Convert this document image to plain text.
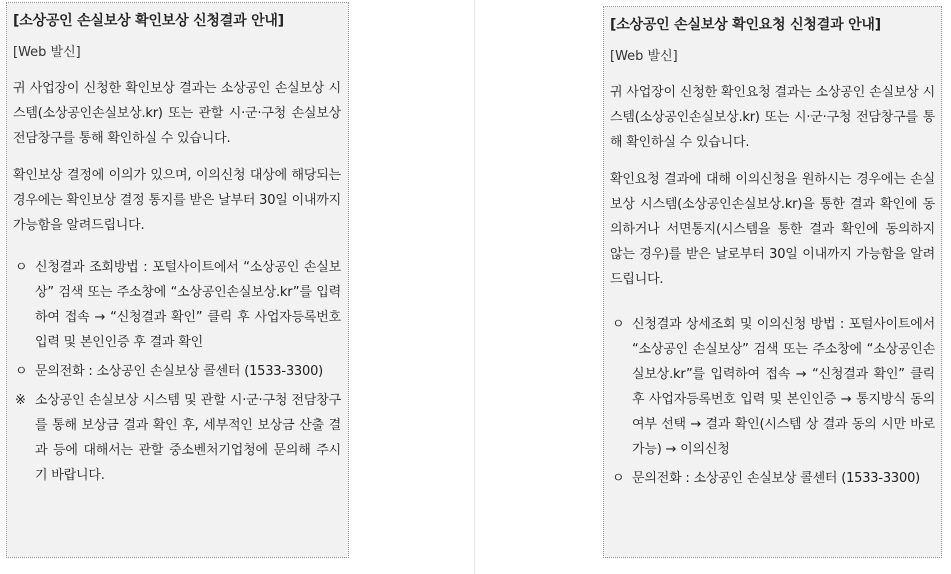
[소상공인 손실보상 확인보상 신청결과 안내]
[Web 발신]
귀 사업장이 신청한 확인보상 결과는 소상공인 손실보상 시스템(소상공인손실보상.kr) 또는 관할 시·군·구청 손실보상 전담창구를 통해 확인하실 수 있습니다.
확인보상 결정에 이의가 있으며, 이의신청 대상에 해당되는 경우에는 확인보상 결정 통지를 받은 날부터 30일 이내까지 가능함을 알려드립니다.
ㅇ 신청결과 조회방법 : 포털사이트에서 “소상공인 손실보상” 검색 또는 주소창에 “소상공인손실보상.kr”를 입력하여 접속 → “신청결과 확인” 클릭 후 사업자등록번호 입력 및 본인인증 후 결과 확인
ㅇ 문의전화 : 소상공인 손실보상 콜센터 (1533-3300)
※ 소상공인 손실보상 시스템 및 관할 시·군·구청 전담창구를 통해 보상금 결과 확인 후, 세부적인 보상금 산출 결과 등에 대해서는 관할 중소벤처기업청에 문의해 주시기 바랍니다.
[소상공인 손실보상 확인요청 신청결과 안내]
[Web 발신]
귀 사업장이 신청한 확인요청 결과는 소상공인 손실보상 시스템(소상공인손실보상.kr) 또는 시·군·구청 전담창구를 통해 확인하실 수 있습니다.
확인요청 결과에 대해 이의신청을 원하시는 경우에는 손실보상 시스템(소상공인손실보상.kr)을 통한 결과 확인에 동의하거나 서면통지(시스템을 통한 결과 확인에 동의하지 않는 경우)를 받은 날로부터 30일 이내까지 가능함을 알려드립니다.
ㅇ 신청결과 상세조회 및 이의신청 방법 : 포털사이트에서 “소상공인 손실보상” 검색 또는 주소창에 “소상공인손실보상.kr”를 입력하여 접속 → “신청결과 확인” 클릭 후 사업자등록번호 입력 및 본인인증 → 통지방식 동의 여부 선택 → 결과 확인(시스템 상 결과 동의 시만 바로 가능) → 이의신청
ㅇ 문의전화 : 소상공인 손실보상 콜센터 (1533-3300)
